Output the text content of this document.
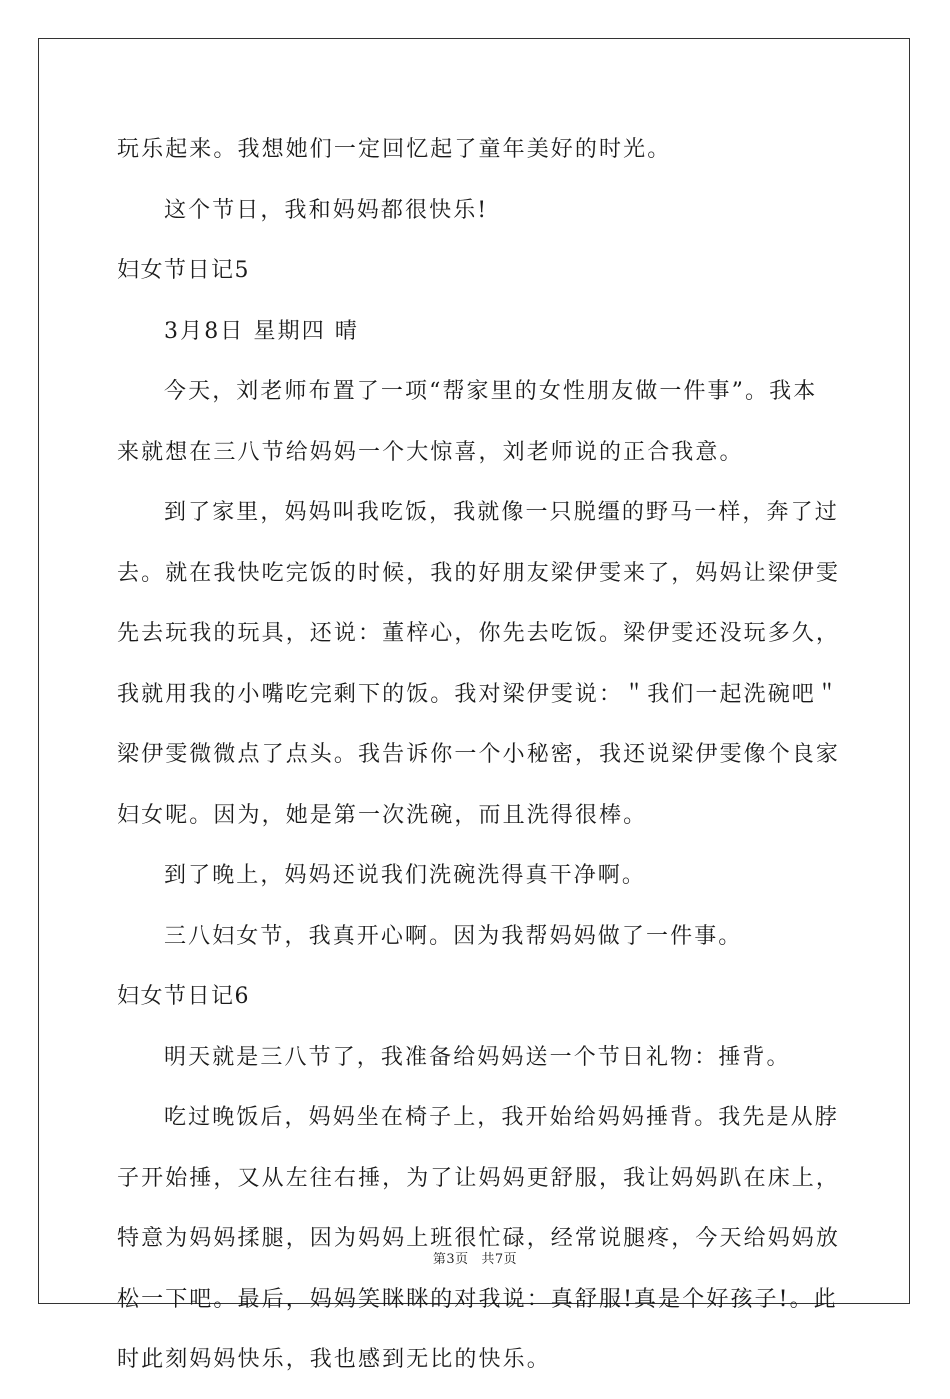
玩乐起来。我想她们一定回忆起了童年美好的时光。
这个节日，我和妈妈都很快乐!
妇女节日记5
3月8日 星期四 晴
今天，刘老师布置了一项“帮家里的女性朋友做一件事”。我本
来就想在三八节给妈妈一个大惊喜，刘老师说的正合我意。
到了家里，妈妈叫我吃饭，我就像一只脱缰的野马一样，奔了过
去。就在我快吃完饭的时候，我的好朋友梁伊雯来了，妈妈让梁伊雯
先去玩我的玩具，还说：董梓心，你先去吃饭。梁伊雯还没玩多久，
我就用我的小嘴吃完剩下的饭。我对梁伊雯说：＂我们一起洗碗吧＂
梁伊雯微微点了点头。我告诉你一个小秘密，我还说梁伊雯像个良家
妇女呢。因为，她是第一次洗碗，而且洗得很棒。
到了晚上，妈妈还说我们洗碗洗得真干净啊。
三八妇女节，我真开心啊。因为我帮妈妈做了一件事。
妇女节日记6
明天就是三八节了，我准备给妈妈送一个节日礼物：捶背。
吃过晚饭后，妈妈坐在椅子上，我开始给妈妈捶背。我先是从脖
子开始捶，又从左往右捶，为了让妈妈更舒服，我让妈妈趴在床上，
特意为妈妈揉腿，因为妈妈上班很忙碌，经常说腿疼，今天给妈妈放
松一下吧。最后，妈妈笑眯眯的对我说：真舒服!真是个好孩子!。此
时此刻妈妈快乐，我也感到无比的快乐。
第3页 共7页
